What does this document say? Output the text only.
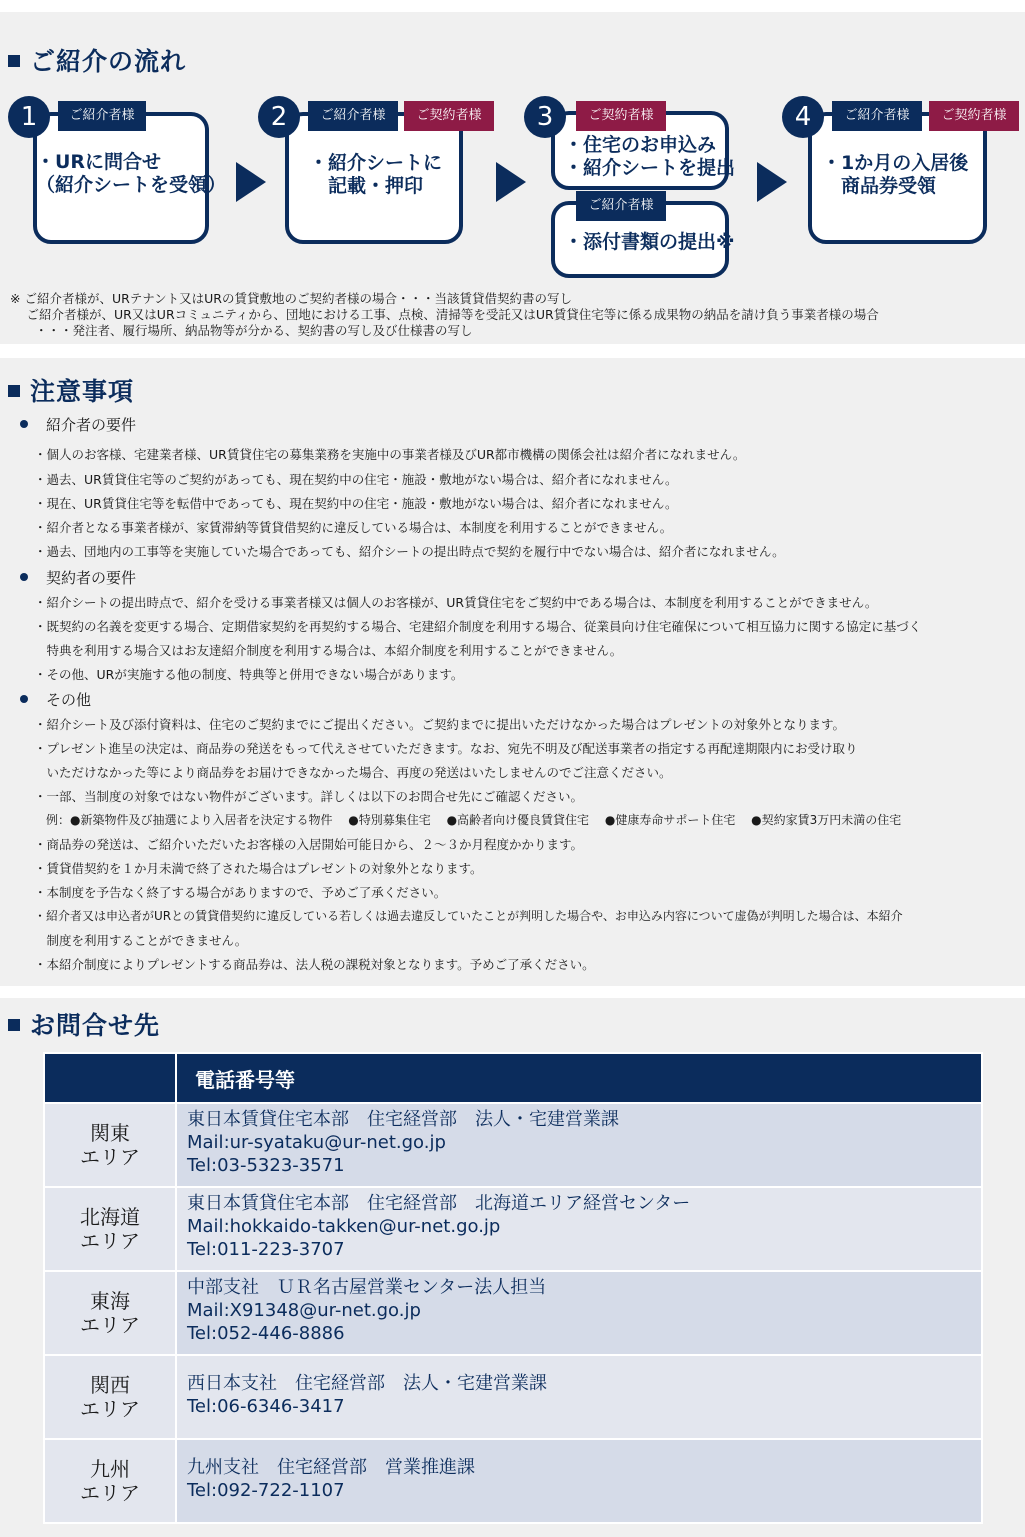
ご紹介の流れ
1	ご紹介者様
・URに問合せ
（紹介シートを受領）
2	ご紹介者様	ご契約者様
・紹介シートに
　記載・押印
3	ご契約者様
・住宅のお申込み
・紹介シートを提出
ご紹介者様
・添付書類の提出※
4	ご紹介者様	ご契約者様
・1か月の入居後
　商品券受領
※ ご紹介者様が、URテナント又はURの賃貸敷地のご契約者様の場合・・・当該賃貸借契約書の写し
　 ご紹介者様が、UR又はURコミュニティから、団地における工事、点検、清掃等を受託又はUR賃貸住宅等に係る成果物の納品を請け負う事業者様の場合
　　・・・発注者、履行場所、納品物等が分かる、契約書の写し及び仕様書の写し
注意事項
紹介者の要件
・個人のお客様、宅建業者様、UR賃貸住宅の募集業務を実施中の事業者様及びUR都市機構の関係会社は紹介者になれません。
・過去、UR賃貸住宅等のご契約があっても、現在契約中の住宅・施設・敷地がない場合は、紹介者になれません。
・現在、UR賃貸住宅等を転借中であっても、現在契約中の住宅・施設・敷地がない場合は、紹介者になれません。
・紹介者となる事業者様が、家賃滞納等賃貸借契約に違反している場合は、本制度を利用することができません。
・過去、団地内の工事等を実施していた場合であっても、紹介シートの提出時点で契約を履行中でない場合は、紹介者になれません。
契約者の要件
・紹介シートの提出時点で、紹介を受ける事業者様又は個人のお客様が、UR賃貸住宅をご契約中である場合は、本制度を利用することができません。
・既契約の名義を変更する場合、定期借家契約を再契約する場合、宅建紹介制度を利用する場合、従業員向け住宅確保について相互協力に関する協定に基づく
　特典を利用する場合又はお友達紹介制度を利用する場合は、本紹介制度を利用することができません。
・その他、URが実施する他の制度、特典等と併用できない場合があります。
その他
・紹介シート及び添付資料は、住宅のご契約までにご提出ください。ご契約までに提出いただけなかった場合はプレゼントの対象外となります。
・プレゼント進呈の決定は、商品券の発送をもって代えさせていただきます。なお、宛先不明及び配送事業者の指定する再配達期限内にお受け取り
　いただけなかった等により商品券をお届けできなかった場合、再度の発送はいたしませんのでご注意ください。
・一部、当制度の対象ではない物件がございます。詳しくは以下のお問合せ先にご確認ください。
　例：●新築物件及び抽選により入居者を決定する物件　 ●特別募集住宅　 ●高齢者向け優良賃貸住宅　 ●健康寿命サポート住宅　 ●契約家賃3万円未満の住宅
・商品券の発送は、ご紹介いただいたお客様の入居開始可能日から、２～３か月程度かかります。
・賃貸借契約を１か月未満で終了された場合はプレゼントの対象外となります。
・本制度を予告なく終了する場合がありますので、予めご了承ください。
・紹介者又は申込者がURとの賃貸借契約に違反している若しくは過去違反していたことが判明した場合や、お申込み内容について虚偽が判明した場合は、本紹介
　制度を利用することができません。
・本紹介制度によりプレゼントする商品券は、法人税の課税対象となります。予めご了承ください。
お問合せ先
	電話番号等

関東
エリア	東日本賃貸住宅本部　住宅経営部　法人・宅建営業課
Mail:ur-syataku@ur-net.go.jp
Tel:03-5323-3571

北海道
エリア	東日本賃貸住宅本部　住宅経営部　北海道エリア経営センター
Mail:hokkaido-takken@ur-net.go.jp
Tel:011-223-3707

東海
エリア	中部支社　ＵＲ名古屋営業センター法人担当
Mail:X91348@ur-net.go.jp
Tel:052-446-8886

関西
エリア	西日本支社　住宅経営部　法人・宅建営業課
Tel:06-6346-3417

九州
エリア	九州支社　住宅経営部　営業推進課
Tel:092-722-1107
